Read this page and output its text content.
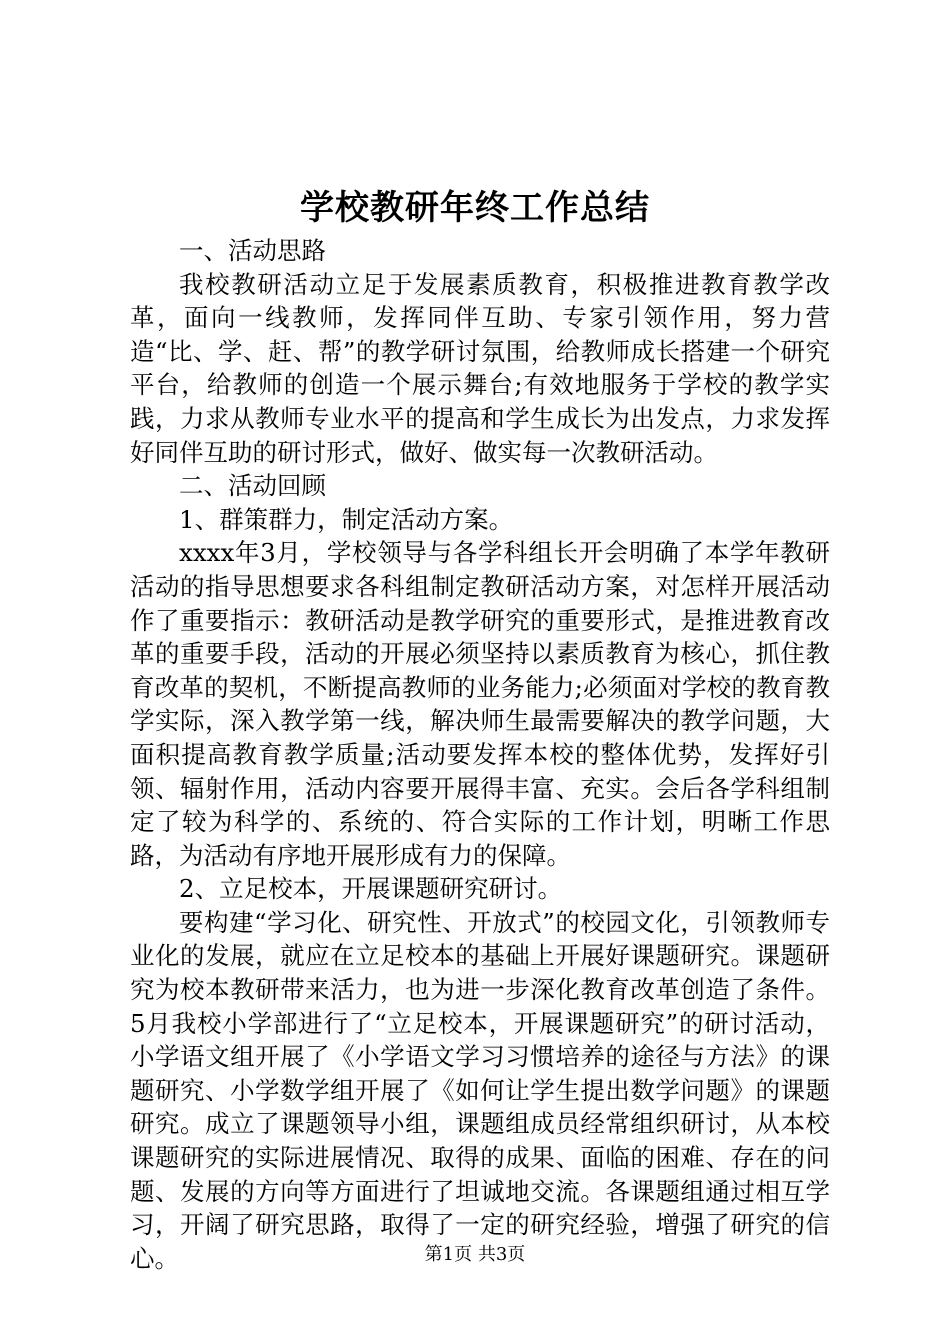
学校教研年终工作总结

一、活动思路

我校教研活动立足于发展素质教育，积极推进教育教学改革，面向一线教师，发挥同伴互助、专家引领作用，努力营造“比、学、赶、帮”的教学研讨氛围，给教师成长搭建一个研究平台，给教师的创造一个展示舞台;有效地服务于学校的教学实践，力求从教师专业水平的提高和学生成长为出发点，力求发挥好同伴互助的研讨形式，做好、做实每一次教研活动。

二、活动回顾

1、群策群力，制定活动方案。

xxxx年3月，学校领导与各学科组长开会明确了本学年教研活动的指导思想要求各科组制定教研活动方案，对怎样开展活动作了重要指示：教研活动是教学研究的重要形式，是推进教育改革的重要手段，活动的开展必须坚持以素质教育为核心，抓住教育改革的契机，不断提高教师的业务能力;必须面对学校的教育教学实际，深入教学第一线，解决师生最需要解决的教学问题，大面积提高教育教学质量;活动要发挥本校的整体优势，发挥好引领、辐射作用，活动内容要开展得丰富、充实。会后各学科组制定了较为科学的、系统的、符合实际的工作计划，明晰工作思路，为活动有序地开展形成有力的保障。

2、立足校本，开展课题研究研讨。

要构建“学习化、研究性、开放式”的校园文化，引领教师专业化的发展，就应在立足校本的基础上开展好课题研究。课题研究为校本教研带来活力，也为进一步深化教育改革创造了条件。5月我校小学部进行了“立足校本，开展课题研究”的研讨活动，小学语文组开展了《小学语文学习习惯培养的途径与方法》的课题研究、小学数学组开展了《如何让学生提出数学问题》的课题研究。成立了课题领导小组，课题组成员经常组织研讨，从本校课题研究的实际进展情况、取得的成果、面临的困难、存在的问题、发展的方向等方面进行了坦诚地交流。各课题组通过相互学习，开阔了研究思路，取得了一定的研究经验，增强了研究的信心。	第1页 共3页
